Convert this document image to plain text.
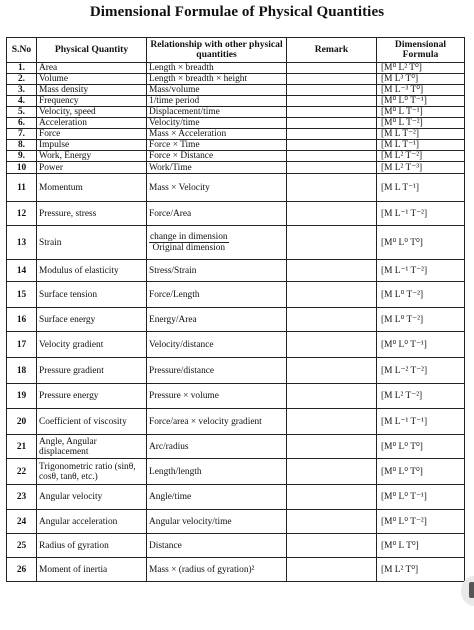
Dimensional Formulae of Physical Quantities
S.No	Physical Quantity	Relationship with other physical quantities	Remark	Dimensional Formula
1.	Area	Length × breadth		[M⁰ L² T⁰]
2.	Volume	Length × breadth × height		[M L³ T⁰]
3.	Mass density	Mass/volume		[M L⁻³ T⁰]
4.	Frequency	1/time period		[M⁰ L⁰ T⁻¹]
5.	Velocity, speed	Displacement/time		[M⁰ L T⁻¹]
6.	Acceleration	Velocity/time		[M⁰ L T⁻²]
7.	Force	Mass × Acceleration		[M L T⁻²]
8.	Impulse	Force × Time		[M L T⁻¹]
9.	Work, Energy	Force × Distance		[M L² T⁻²]
10	Power	Work/Time		[M L² T⁻³]
11	Momentum	Mass × Velocity		[M L T⁻¹]
12	Pressure, stress	Force/Area		[M L⁻¹ T⁻²]
13	Strain	$\frac{\text{change in dimension}}{\text{Original dimension}}$		[M⁰ L⁰ T⁰]
14	Modulus of elasticity	Stress/Strain		[M L⁻¹ T⁻²]
15	Surface tension	Force/Length		[M L⁰ T⁻²]
16	Surface energy	Energy/Area		[M L⁰ T⁻²]
17	Velocity gradient	Velocity/distance		[M⁰ L⁰ T⁻¹]
18	Pressure gradient	Pressure/distance		[M L⁻² T⁻²]
19	Pressure energy	Pressure × volume		[M L² T⁻²]
20	Coefficient of viscosity	Force/area × velocity gradient		[M L⁻¹ T⁻¹]
21	Angle, Angular displacement	Arc/radius		[M⁰ L⁰ T⁰]
22	Trigonometric ratio (sinθ, cosθ, tanθ, etc.)	Length/length		[M⁰ L⁰ T⁰]
23	Angular velocity	Angle/time		[M⁰ L⁰ T⁻¹]
24	Angular acceleration	Angular velocity/time		[M⁰ L⁰ T⁻²]
25	Radius of gyration	Distance		[M⁰ L T⁰]
26	Moment of inertia	Mass × (radius of gyration)²		[M L² T⁰]
